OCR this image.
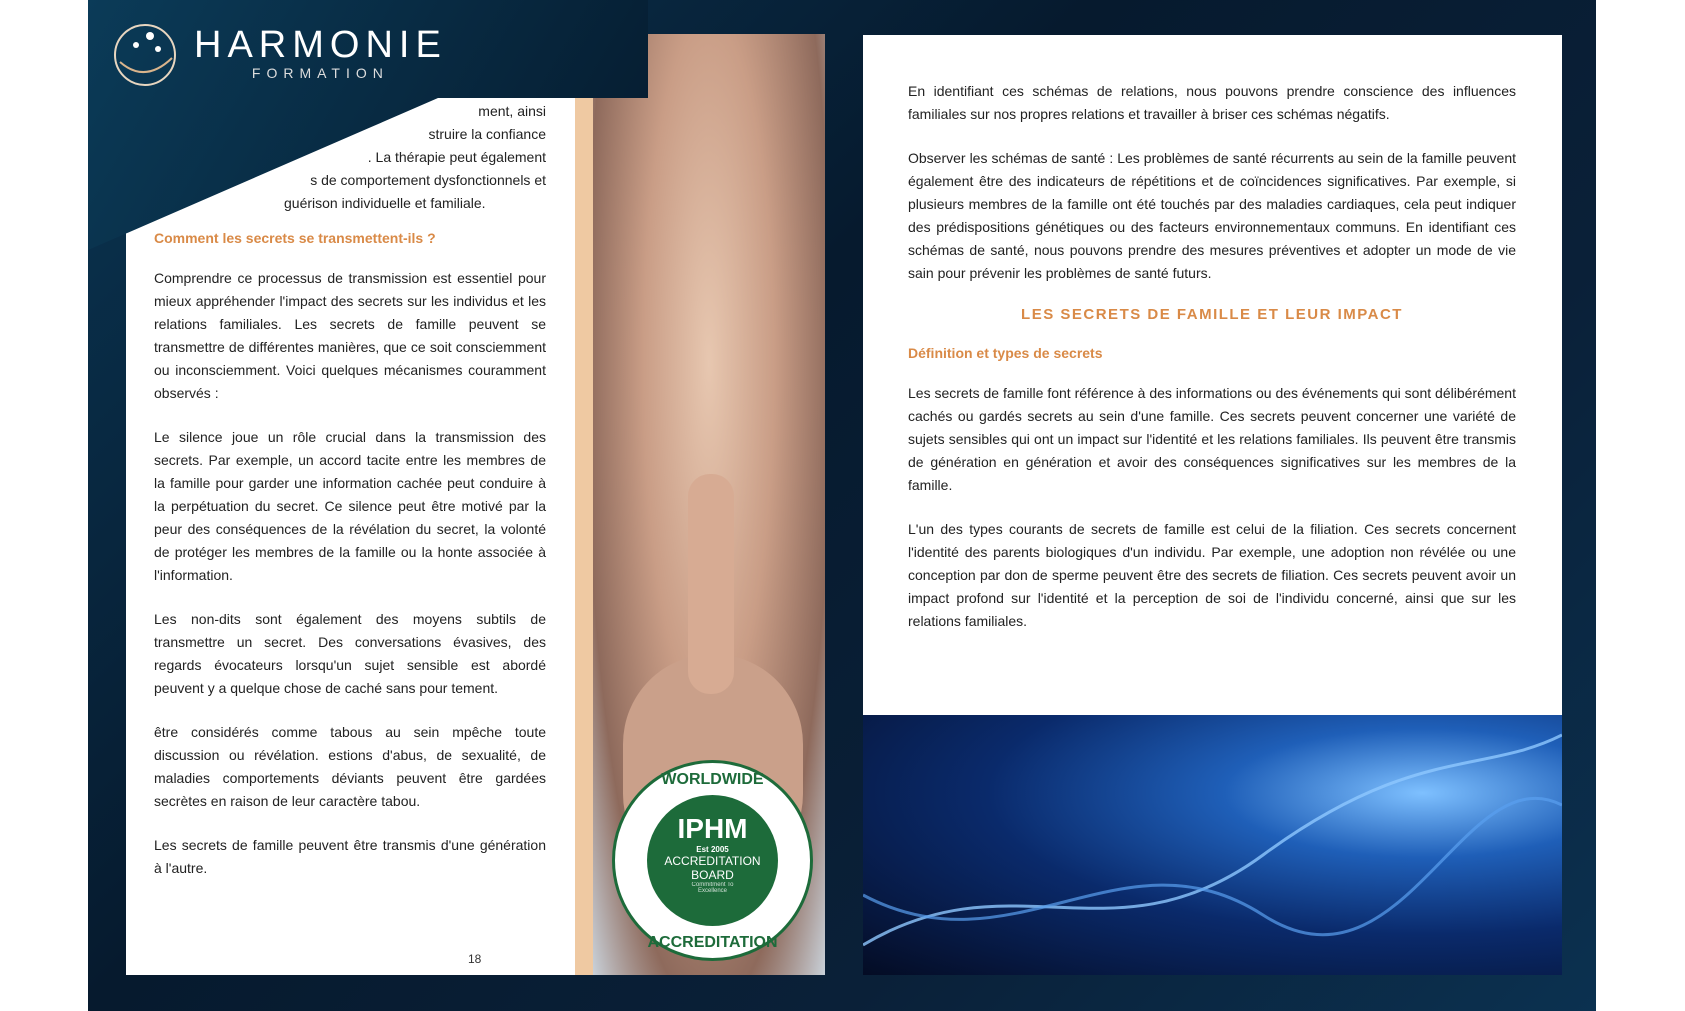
ment, ainsi
struire la confiance
. La thérapie peut également
s de comportement dysfonctionnels et
guérison individuelle et familiale.

Comment les secrets se transmettent-ils ?

Comprendre ce processus de transmission est essentiel pour mieux appréhender l'impact des secrets sur les individus et les relations familiales. Les secrets de famille peuvent se transmettre de différentes manières, que ce soit consciemment ou inconsciemment. Voici quelques mécanismes couramment observés :

Le silence joue un rôle crucial dans la transmission des secrets. Par exemple, un accord tacite entre les membres de la famille pour garder une information cachée peut conduire à la perpétuation du secret. Ce silence peut être motivé par la peur des conséquences de la révélation du secret, la volonté de protéger les membres de la famille ou la honte associée à l'information.

Les non-dits sont également des moyens subtils de transmettre un secret. Des conversations évasives, des regards évocateurs lorsqu'un sujet sensible est abordé peuvent y a quelque chose de caché sans pour tement.

être considérés comme tabous au sein mpêche toute discussion ou révélation. estions d'abus, de sexualité, de maladies comportements déviants peuvent être gardées secrètes en raison de leur caractère tabou.

Les secrets de famille peuvent être transmis d'une génération à l'autre.

18

En identifiant ces schémas de relations, nous pouvons prendre conscience des influences familiales sur nos propres relations et travailler à briser ces schémas négatifs.

Observer les schémas de santé : Les problèmes de santé récurrents au sein de la famille peuvent également être des indicateurs de répétitions et de coïncidences significatives. Par exemple, si plusieurs membres de la famille ont été touchés par des maladies cardiaques, cela peut indiquer des prédispositions génétiques ou des facteurs environnementaux communs. En identifiant ces schémas de santé, nous pouvons prendre des mesures préventives et adopter un mode de vie sain pour prévenir les problèmes de santé futurs.

LES SECRETS DE FAMILLE ET LEUR IMPACT

Définition et types de secrets

Les secrets de famille font référence à des informations ou des événements qui sont délibérément cachés ou gardés secrets au sein d'une famille. Ces secrets peuvent concerner une variété de sujets sensibles qui ont un impact sur l'identité et les relations familiales. Ils peuvent être transmis de génération en génération et avoir des conséquences significatives sur les membres de la famille.

L'un des types courants de secrets de famille est celui de la filiation. Ces secrets concernent l'identité des parents biologiques d'un individu. Par exemple, une adoption non révélée ou une conception par don de sperme peuvent être des secrets de filiation. Ces secrets peuvent avoir un impact profond sur l'identité et la perception de soi de l'individu concerné, ainsi que sur les relations familiales.

HARMONIE
FORMATION
WORLDWIDE
IPHM
Est 2005
ACCREDITATION
BOARD
Commitment To Excellence
ACCREDITATION
